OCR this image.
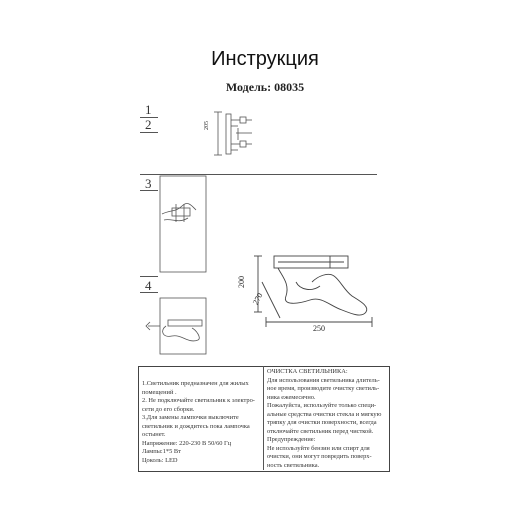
Инструкция
Модель: 08035
1
2
3
4
205
200
270
250
1.Светильник предназначен для жилых
помещений .
2. Не подключайте светильник к электро-
сети до его сборки.
3.Для замены лампочки выключите
светильник и дождитесь пока лампочка
остынет.
Напряжение: 220-230 В 50/60 Гц
Лампы:1*5 Вт
Цоколь: LED
ОЧИСТКА СВЕТИЛЬНИКА:
Для использования светильника длитель-
ное время, производите очистку светиль-
ника ежемесячно.
Пожалуйста, используйте только специ-
альные средства очистки стекла и мягкую
тряпку для очистки поверхности, всегда
отключайте светильник перед чисткой.
Предупреждение:
Не используйте бензин или спирт для
очистки, они могут повредить поверх-
ность светильника.
